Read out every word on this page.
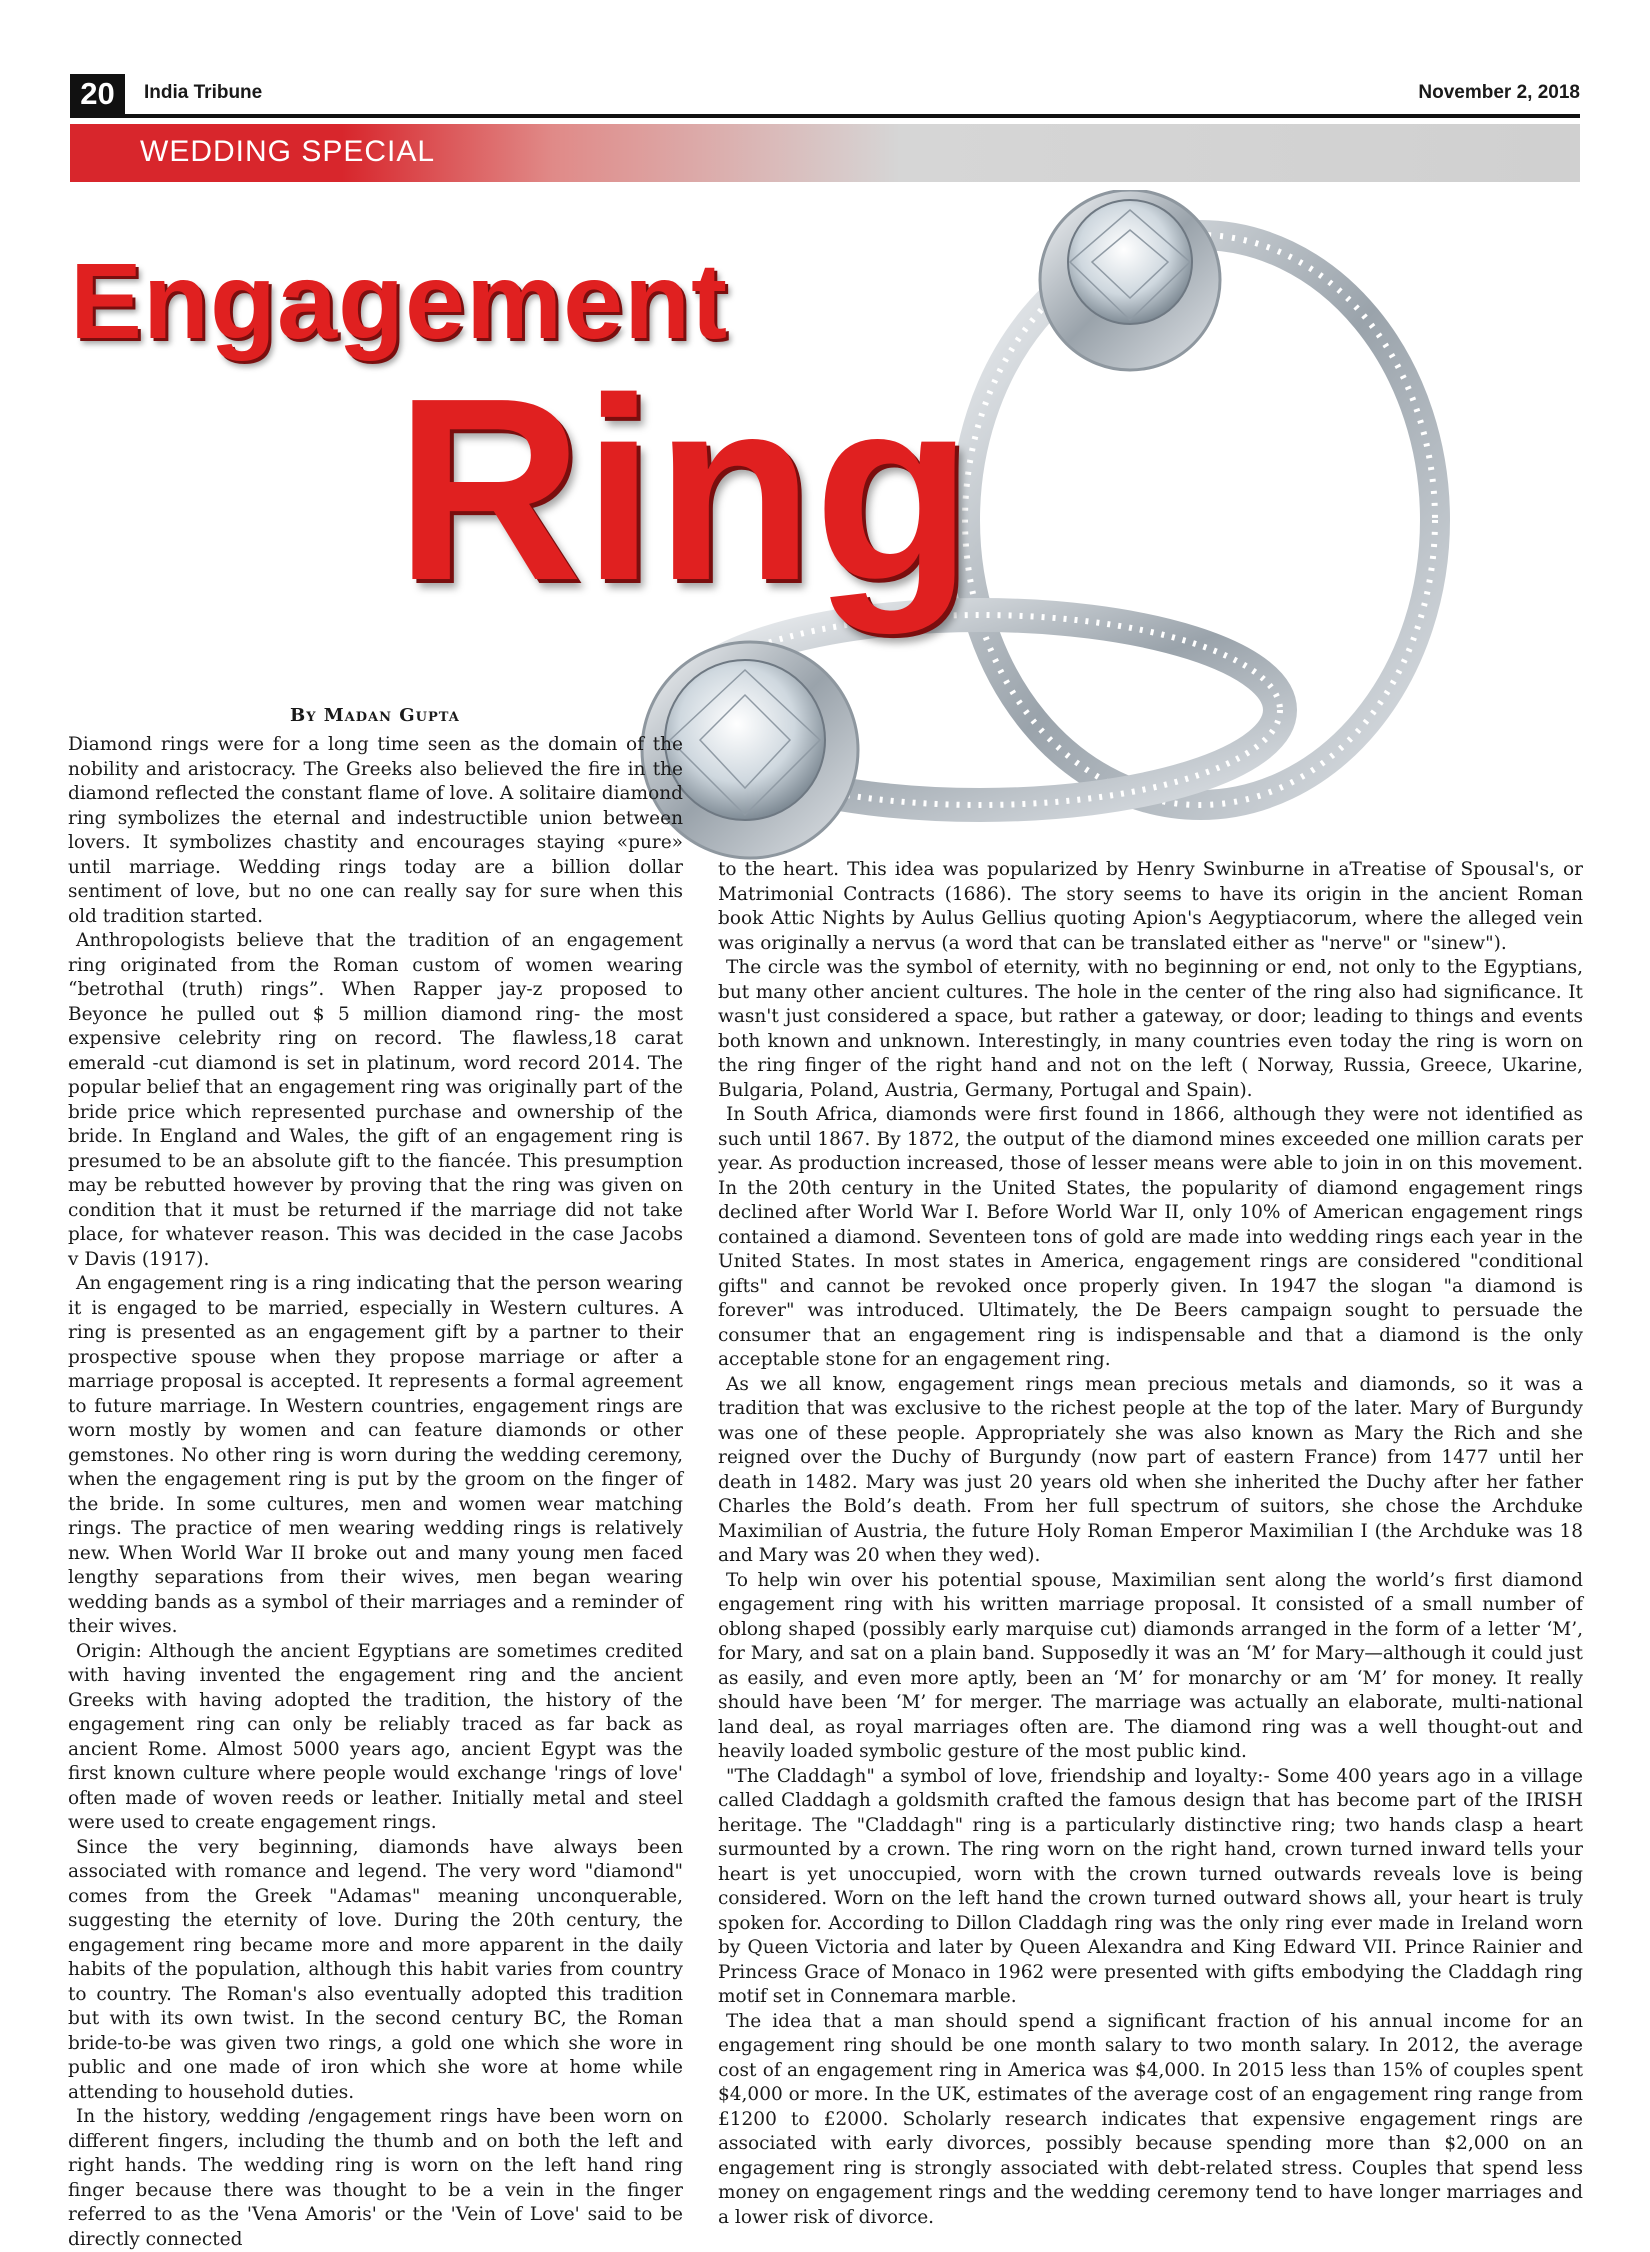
20	India Tribune	November 2, 2018
WEDDING SPECIAL
Engagement
Ring
By Madan Gupta

Diamond rings were for a long time seen as the domain of the nobility and aristocracy. The Greeks also believed the fire in the diamond reflected the constant flame of love. A solitaire diamond ring symbolizes the eternal and indestructible union between lovers. It symbolizes chastity and encourages staying «pure» until marriage. Wedding rings today are a billion dollar sentiment of love, but no one can really say for sure when this old tradition started.

Anthropologists believe that the tradition of an engagement ring originated from the Roman custom of women wearing “betrothal (truth) rings”. When Rapper jay-z proposed to Beyonce he pulled out $ 5 million diamond ring- the most expensive celebrity ring on record. The flawless,18 carat emerald -cut diamond is set in platinum, word record 2014. The popular belief that an engagement ring was originally part of the bride price which represented purchase and ownership of the bride. In England and Wales, the gift of an engagement ring is presumed to be an absolute gift to the fiancée. This presumption may be rebutted however by proving that the ring was given on condition that it must be returned if the marriage did not take place, for whatever reason. This was decided in the case Jacobs v Davis (1917).

An engagement ring is a ring indicating that the person wearing it is engaged to be married, especially in Western cultures. A ring is presented as an engagement gift by a partner to their prospective spouse when they propose marriage or after a marriage proposal is accepted. It represents a formal agreement to future marriage. In Western countries, engagement rings are worn mostly by women and can feature diamonds or other gemstones. No other ring is worn during the wedding ceremony, when the engagement ring is put by the groom on the finger of the bride. In some cultures, men and women wear matching rings. The practice of men wearing wedding rings is relatively new. When World War II broke out and many young men faced lengthy separations from their wives, men began wearing wedding bands as a symbol of their marriages and a reminder of their wives.

Origin: Although the ancient Egyptians are sometimes credited with having invented the engagement ring and the ancient Greeks with having adopted the tradition, the history of the engagement ring can only be reliably traced as far back as ancient Rome. Almost 5000 years ago, ancient Egypt was the first known culture where people would exchange 'rings of love' often made of woven reeds or leather. Initially metal and steel were used to create engagement rings.

Since the very beginning, diamonds have always been associated with romance and legend. The very word "diamond" comes from the Greek "Adamas" meaning unconquerable, suggesting the eternity of love. During the 20th century, the engagement ring became more and more apparent in the daily habits of the population, although this habit varies from country to country. The Roman's also eventually adopted this tradition but with its own twist. In the second century BC, the Roman bride-to-be was given two rings, a gold one which she wore in public and one made of iron which she wore at home while attending to household duties.

In the history, wedding /engagement rings have been worn on different fingers, including the thumb and on both the left and right hands. The wedding ring is worn on the left hand ring finger because there was thought to be a vein in the finger referred to as the 'Vena Amoris' or the 'Vein of Love' said to be directly connected

to the heart. This idea was popularized by Henry Swinburne in aTreatise of Spousal's, or Matrimonial Contracts (1686). The story seems to have its origin in the ancient Roman book Attic Nights by Aulus Gellius quoting Apion's Aegyptiacorum, where the alleged vein was originally a nervus (a word that can be translated either as "nerve" or "sinew").

The circle was the symbol of eternity, with no beginning or end, not only to the Egyptians, but many other ancient cultures. The hole in the center of the ring also had significance. It wasn't just considered a space, but rather a gateway, or door; leading to things and events both known and unknown. Interestingly, in many countries even today the ring is worn on the ring finger of the right hand and not on the left ( Norway, Russia, Greece, Ukarine, Bulgaria, Poland, Austria, Germany, Portugal and Spain).

In South Africa, diamonds were first found in 1866, although they were not identified as such until 1867. By 1872, the output of the diamond mines exceeded one million carats per year. As production increased, those of lesser means were able to join in on this movement. In the 20th century in the United States, the popularity of diamond engagement rings declined after World War I. Before World War II, only 10% of American engagement rings contained a diamond. Seventeen tons of gold are made into wedding rings each year in the United States. In most states in America, engagement rings are considered "conditional gifts" and cannot be revoked once properly given. In 1947 the slogan "a diamond is forever" was introduced. Ultimately, the De Beers campaign sought to persuade the consumer that an engagement ring is indispensable and that a diamond is the only acceptable stone for an engagement ring.

As we all know, engagement rings mean precious metals and diamonds, so it was a tradition that was exclusive to the richest people at the top of the later. Mary of Burgundy was one of these people. Appropriately she was also known as Mary the Rich and she reigned over the Duchy of Burgundy (now part of eastern France) from 1477 until her death in 1482. Mary was just 20 years old when she inherited the Duchy after her father Charles the Bold’s death. From her full spectrum of suitors, she chose the Archduke Maximilian of Austria, the future Holy Roman Emperor Maximilian I (the Archduke was 18 and Mary was 20 when they wed).

To help win over his potential spouse, Maximilian sent along the world’s first diamond engagement ring with his written marriage proposal. It consisted of a small number of oblong shaped (possibly early marquise cut) diamonds arranged in the form of a letter ‘M’, for Mary, and sat on a plain band. Supposedly it was an ‘M’ for Mary—although it could just as easily, and even more aptly, been an ‘M’ for monarchy or am ‘M’ for money. It really should have been ‘M’ for merger. The marriage was actually an elaborate, multi-national land deal, as royal marriages often are. The diamond ring was a well thought-out and heavily loaded symbolic gesture of the most public kind.

"The Claddagh" a symbol of love, friendship and loyalty:- Some 400 years ago in a village called Claddagh a goldsmith crafted the famous design that has become part of the IRISH heritage. The "Claddagh" ring is a particularly distinctive ring; two hands clasp a heart surmounted by a crown. The ring worn on the right hand, crown turned inward tells your heart is yet unoccupied, worn with the crown turned outwards reveals love is being considered. Worn on the left hand the crown turned outward shows all, your heart is truly spoken for. According to Dillon Claddagh ring was the only ring ever made in Ireland worn by Queen Victoria and later by Queen Alexandra and King Edward VII. Prince Rainier and Princess Grace of Monaco in 1962 were presented with gifts embodying the Claddagh ring motif set in Connemara marble.

The idea that a man should spend a significant fraction of his annual income for an engagement ring should be one month salary to two month salary. In 2012, the average cost of an engagement ring in America was $4,000. In 2015 less than 15% of couples spent $4,000 or more. In the UK, estimates of the average cost of an engagement ring range from £1200 to £2000. Scholarly research indicates that expensive engagement rings are associated with early divorces, possibly because spending more than $2,000 on an engagement ring is strongly associated with debt-related stress. Couples that spend less money on engagement rings and the wedding ceremony tend to have longer marriages and a lower risk of divorce.
